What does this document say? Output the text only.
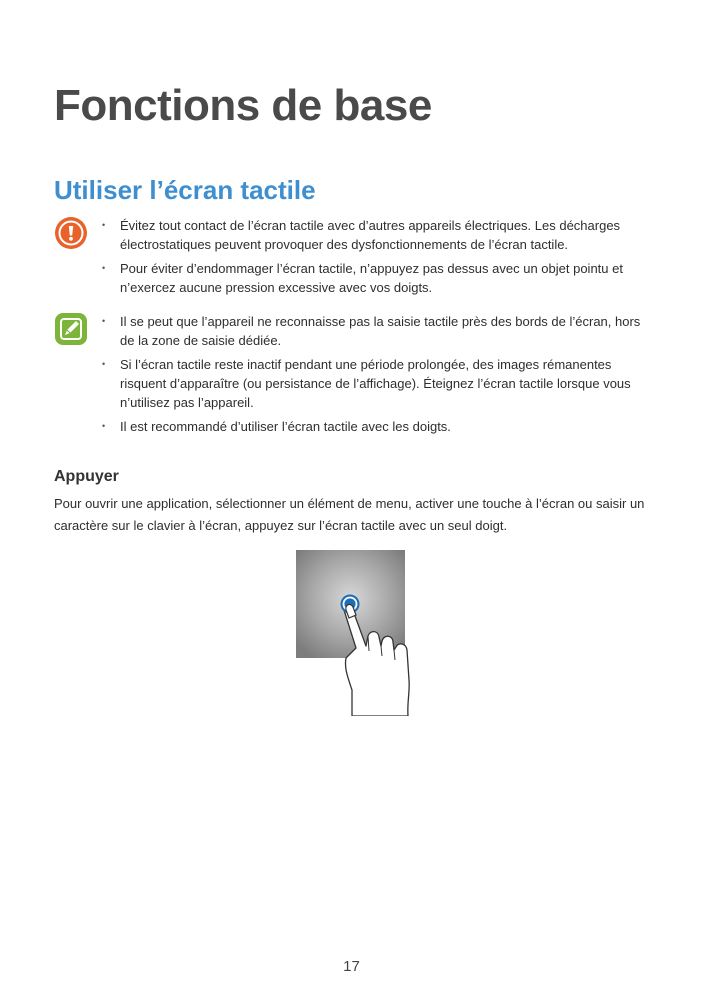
Fonctions de base
Utiliser l’écran tactile
• Évitez tout contact de l’écran tactile avec d’autres appareils électriques. Les décharges électrostatiques peuvent provoquer des dysfonctionnements de l’écran tactile.
• Pour éviter d’endommager l’écran tactile, n’appuyez pas dessus avec un objet pointu et n’exercez aucune pression excessive avec vos doigts.
• Il se peut que l’appareil ne reconnaisse pas la saisie tactile près des bords de l’écran, hors de la zone de saisie dédiée.
• Si l’écran tactile reste inactif pendant une période prolongée, des images rémanentes risquent d’apparaître (ou persistance de l’affichage). Éteignez l’écran tactile lorsque vous n’utilisez pas l’appareil.
• Il est recommandé d’utiliser l’écran tactile avec les doigts.
Appuyer

Pour ouvrir une application, sélectionner un élément de menu, activer une touche à l’écran ou saisir un caractère sur le clavier à l’écran, appuyez sur l’écran tactile avec un seul doigt.

17
